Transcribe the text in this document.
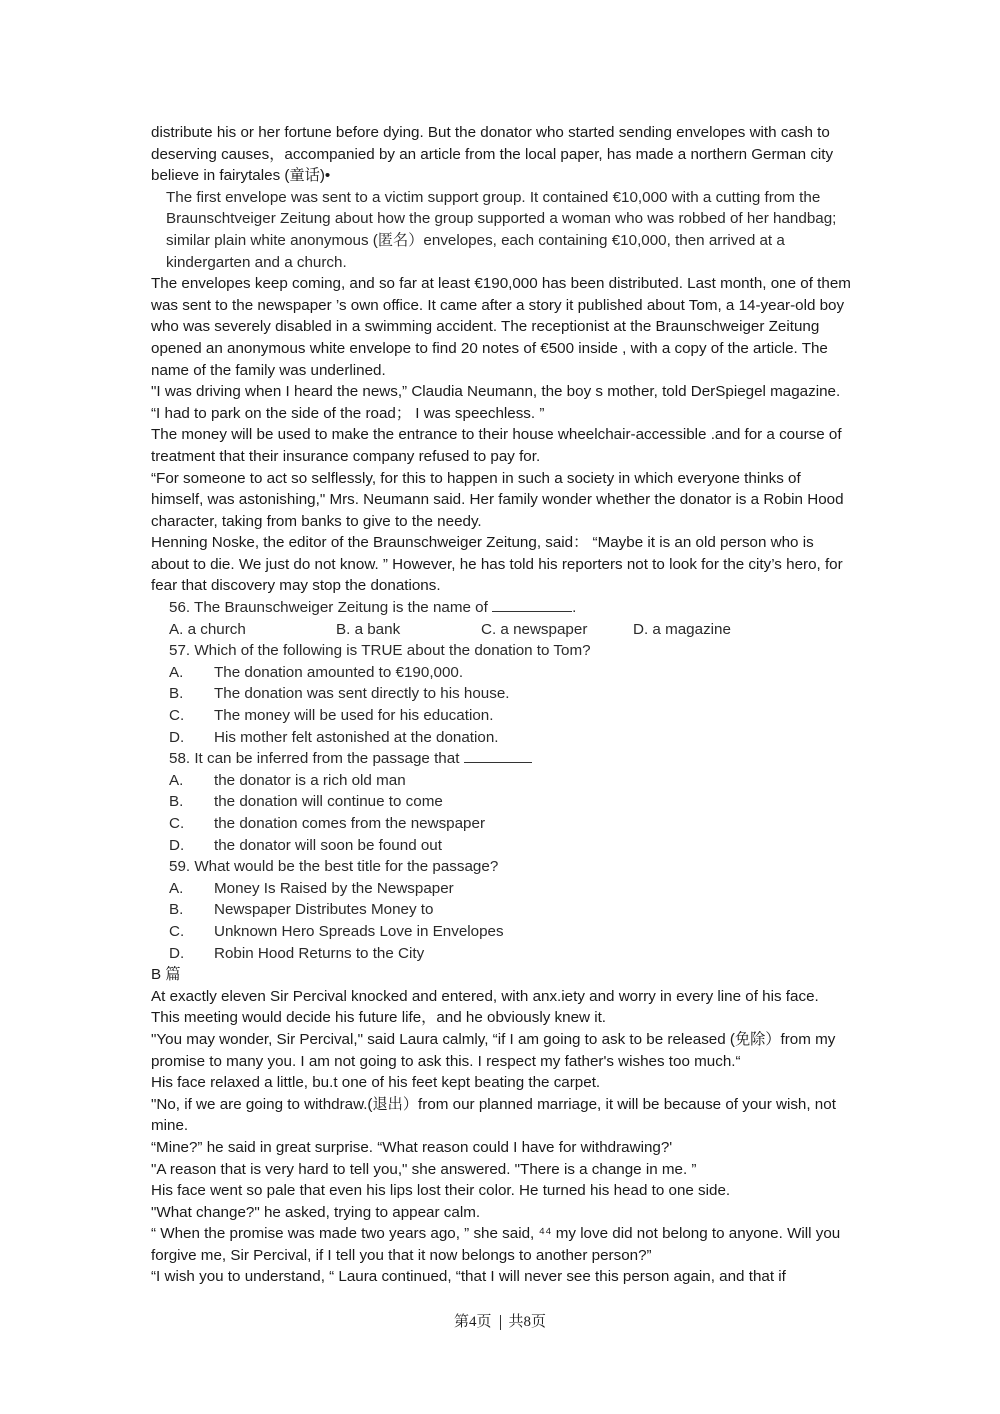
distribute his or her fortune before dying. But the donator who started sending envelopes with cash to deserving causes，accompanied by an article from the local paper, has made a northern German city believe in fairytales (童话)•

The first envelope was sent to a victim support group. It contained €10,000 with a cutting from the Braunschtveiger Zeitung about how the group supported a woman who was robbed of her handbag; similar plain white anonymous (匿名）envelopes, each containing €10,000, then arrived at a kindergarten and a church.

The envelopes keep coming, and so far at least €190,000 has been distributed. Last month, one of them was sent to the newspaper ’s own office. It came after a story it published about Tom, a 14-year-old boy who was severely disabled in a swimming accident. The receptionist at the Braunschweiger Zeitung opened an anonymous white envelope to find 20 notes of €500 inside , with a copy of the article. The name of the family was underlined.

"I was driving when I heard the news,” Claudia Neumann, the boy s mother, told DerSpiegel magazine. “I had to park on the side of the road； I was speechless. ”

The money will be used to make the entrance to their house wheelchair-accessible .and for a course of treatment that their insurance company refused to pay for.

“For someone to act so selflessly, for this to happen in such a society in which everyone thinks of himself, was astonishing," Mrs. Neumann said. Her family wonder whether the donator is a Robin Hood character, taking from banks to give to the needy.

Henning Noske, the editor of the Braunschweiger Zeitung, said： “Maybe it is an old person who is about to die. We just do not know. ” However, he has told his reporters not to look for the city’s hero, for fear that discovery may stop the donations.

56. The Braunschweiger Zeitung is the name of	.

A. a church	B. a bank	C. a newspaper	D. a magazine

57. Which of the following is TRUE about the donation to Tom?

A.	The donation amounted to €190,000.
B.	The donation was sent directly to his house.
C.	The money will be used for his education.
D.	His mother felt astonished at the donation.

58. It can be inferred from the passage that

A.	the donator is a rich old man
B.	the donation will continue to come
C.	the donation comes from the newspaper
D.	the donator will soon be found out

59. What would be the best title for the passage?

A.	Money Is Raised by the Newspaper
B.	Newspaper Distributes Money to
C.	Unknown Hero Spreads Love in Envelopes
D.	Robin Hood Returns to the City

B 篇

At exactly eleven Sir Percival knocked and entered, with anx.iety and worry in every line of his face. This meeting would decide his future life，and he obviously knew it.

"You may wonder, Sir Percival," said Laura calmly, “if I am going to ask to be released (免除）from my promise to many you. I am not going to ask this. I respect my father's wishes too much.“

His face relaxed a little, bu.t one of his feet kept beating the carpet.

"No, if we are going to withdraw.(退出）from our planned marriage, it will be because of your wish, not mine.

“Mine?” he said in great surprise. “What reason could I have for withdrawing?'

"A reason that is very hard to tell you," she answered. "There is a change in me. ”

His face went so pale that even his lips lost their color. He turned his head to one side.

"What change?" he asked, trying to appear calm.

“ When the promise was made two years ago, ” she said, ⁴⁴ my love did not belong to anyone. Will you forgive me, Sir Percival, if I tell you that it now belongs to another person?”

“I wish you to understand, “ Laura continued, “that I will never see this person again, and that if

第4页 共8页
